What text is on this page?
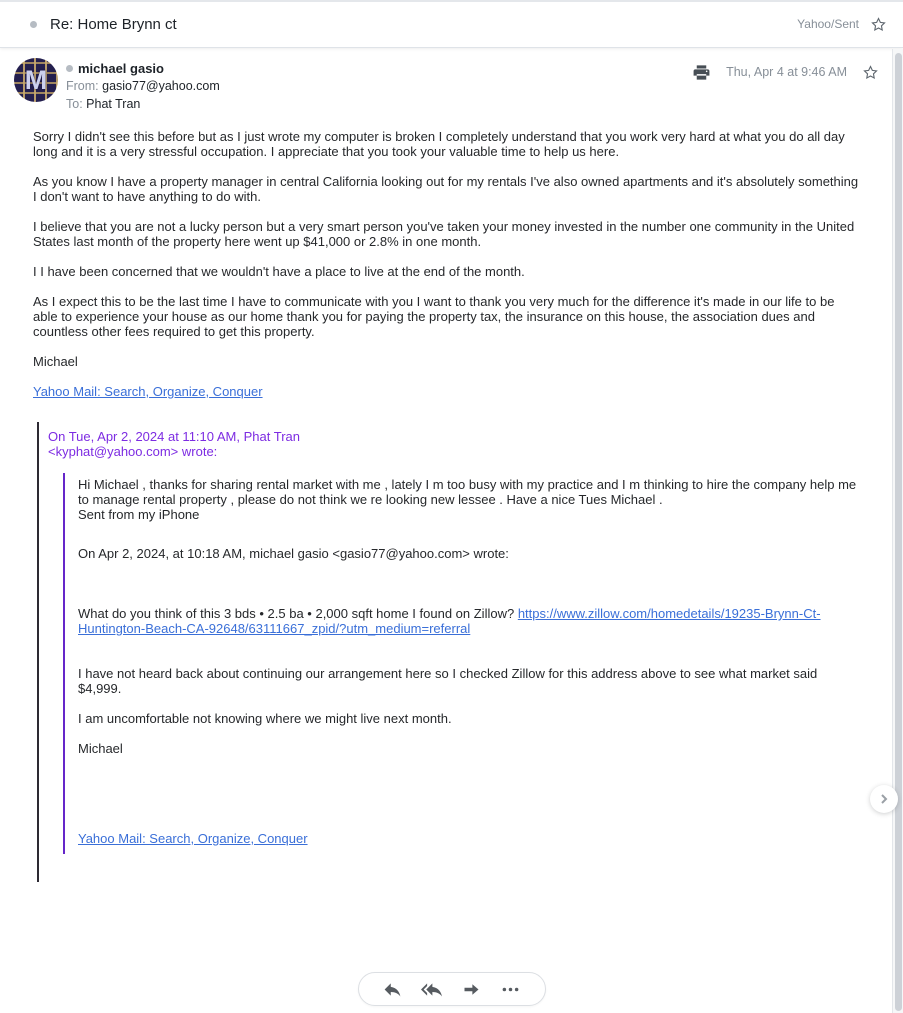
Re: Home Brynn ct	Yahoo/Sent
M	michael gasio
From: gasio77@yahoo.com
To: Phat Tran
Thu, Apr 4 at 9:46 AM

Sorry I didn't see this before but as I just wrote my computer is broken I completely understand that you work very hard at what you do all day long and it is a very stressful occupation. I appreciate that you took your valuable time to help us here.

As you know I have a property manager in central California looking out for my rentals I've also owned apartments and it's absolutely something I don't want to have anything to do with.

I believe that you are not a lucky person but a very smart person you've taken your money invested in the number one community in the United States last month of the property here went up $41,000 or 2.8% in one month.

I I have been concerned that we wouldn't have a place to live at the end of the month.

As I expect this to be the last time I have to communicate with you I want to thank you very much for the difference it's made in our life to be able to experience your house as our home thank you for paying the property tax, the insurance on this house, the association dues and countless other fees required to get this property.

Michael

Yahoo Mail: Search, Organize, Conquer

On Tue, Apr 2, 2024 at 11:10 AM, Phat Tran
<kyphat@yahoo.com> wrote:
Hi Michael , thanks for sharing rental market with me , lately I m too busy with my practice and I m thinking to hire the company help me to manage rental property , please do not think we re looking new lessee . Have a nice Tues Michael .
Sent from my iPhone
On Apr 2, 2024, at 10:18 AM, michael gasio <gasio77@yahoo.com> wrote:
What do you think of this 3 bds • 2.5 ba • 2,000 sqft home I found on Zillow? https://www.zillow.com/homedetails/19235-Brynn-Ct-Huntington-Beach-CA-92648/63111667_zpid/?utm_medium=referral
I have not heard back about continuing our arrangement here so I checked Zillow for this address above to see what market said $4,999.
I am uncomfortable not knowing where we might live next month.
Michael
Yahoo Mail: Search, Organize, Conquer
